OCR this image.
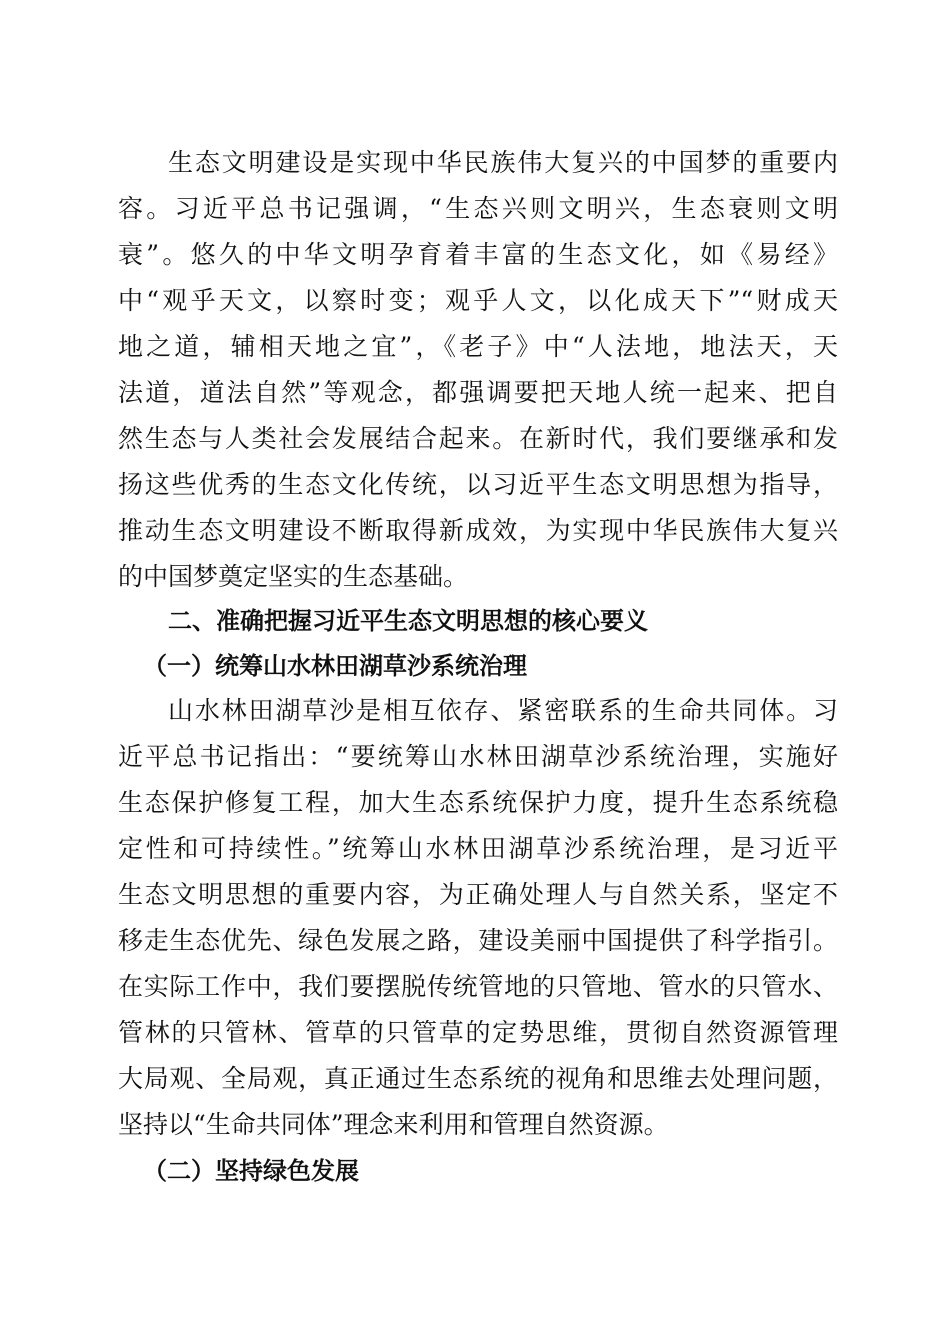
生态文明建设是实现中华民族伟大复兴的中国梦的重要内
容。习近平总书记强调，“生态兴则文明兴，生态衰则文明
衰”。悠久的中华文明孕育着丰富的生态文化，如《易经》
中“观乎天文，以察时变；观乎人文，以化成天下”“财成天
地之道，辅相天地之宜”，《老子》中“人法地，地法天，天
法道，道法自然”等观念，都强调要把天地人统一起来、把自
然生态与人类社会发展结合起来。在新时代，我们要继承和发
扬这些优秀的生态文化传统，以习近平生态文明思想为指导，
推动生态文明建设不断取得新成效，为实现中华民族伟大复兴
的中国梦奠定坚实的生态基础。
二、准确把握习近平生态文明思想的核心要义
（一）统筹山水林田湖草沙系统治理
山水林田湖草沙是相互依存、紧密联系的生命共同体。习
近平总书记指出：“要统筹山水林田湖草沙系统治理，实施好
生态保护修复工程，加大生态系统保护力度，提升生态系统稳
定性和可持续性。”统筹山水林田湖草沙系统治理，是习近平
生态文明思想的重要内容，为正确处理人与自然关系，坚定不
移走生态优先、绿色发展之路，建设美丽中国提供了科学指引。
在实际工作中，我们要摆脱传统管地的只管地、管水的只管水、
管林的只管林、管草的只管草的定势思维，贯彻自然资源管理
大局观、全局观，真正通过生态系统的视角和思维去处理问题，
坚持以“生命共同体”理念来利用和管理自然资源。
（二）坚持绿色发展
